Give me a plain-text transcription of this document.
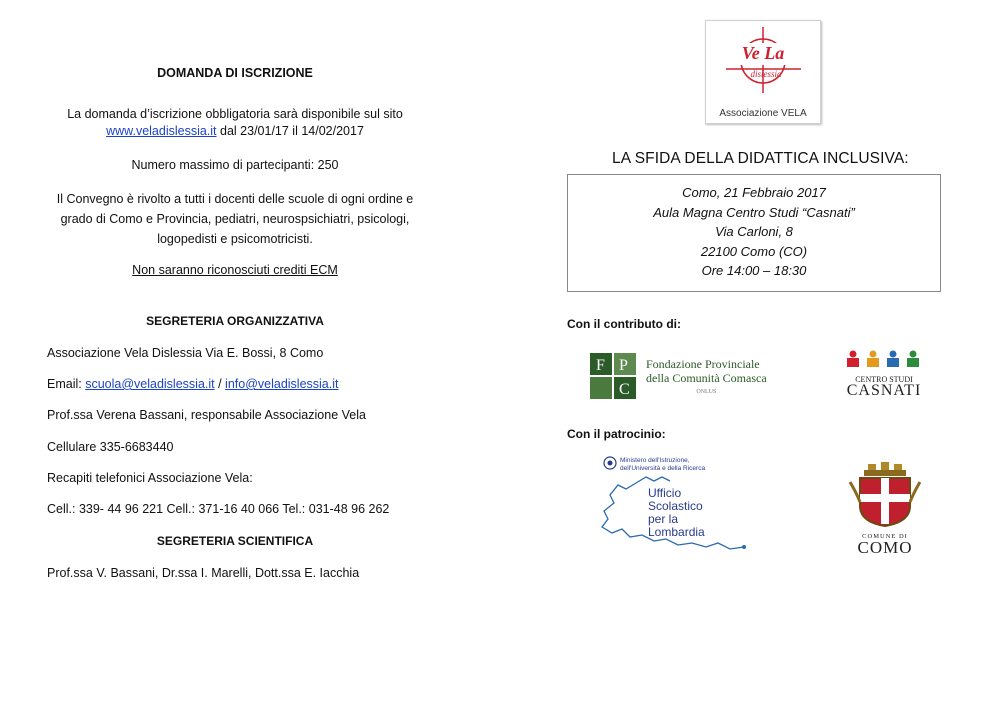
DOMANDA DI ISCRIZIONE
La domanda d’iscrizione obbligatoria sarà disponibile sul sito
www.veladislessia.it dal 23/01/17 il 14/02/2017
Numero massimo di partecipanti: 250
Il Convegno è rivolto a tutti i docenti delle scuole di ogni ordine e
grado di Como e Provincia, pediatri, neurospsichiatri, psicologi,
logopedisti e psicomotricisti.
Non saranno riconosciuti crediti ECM
SEGRETERIA ORGANIZZATIVA
Associazione Vela Dislessia Via E. Bossi, 8 Como
Email: scuola@veladislessia.it / info@veladislessia.it
Prof.ssa Verena Bassani, responsabile Associazione Vela
Cellulare 335-6683440
Recapiti telefonici Associazione Vela:
Cell.: 339- 44 96 221 Cell.: 371-16 40 066 Tel.: 031-48 96 262
SEGRETERIA SCIENTIFICA
Prof.ssa V. Bassani, Dr.ssa I. Marelli, Dott.ssa E. Iacchia
Ve La
dislessia
Associazione VELA
LA SFIDA DELLA DIDATTICA INCLUSIVA:
Como, 21 Febbraio 2017
Aula Magna Centro Studi “Casnati”
Via Carloni, 8
22100 Como (CO)
Ore 14:00 – 18:30
Con il contributo di:
F P
C
Fondazione Provinciale
della Comunità Comasca
ONLUS
CENTRO STUDI
CASNATI
Con il patrocinio:
Ministero dell'Istruzione,
dell'Università e della Ricerca
Ufficio
Scolastico
per la
Lombardia	COMUNE DI
COMO
